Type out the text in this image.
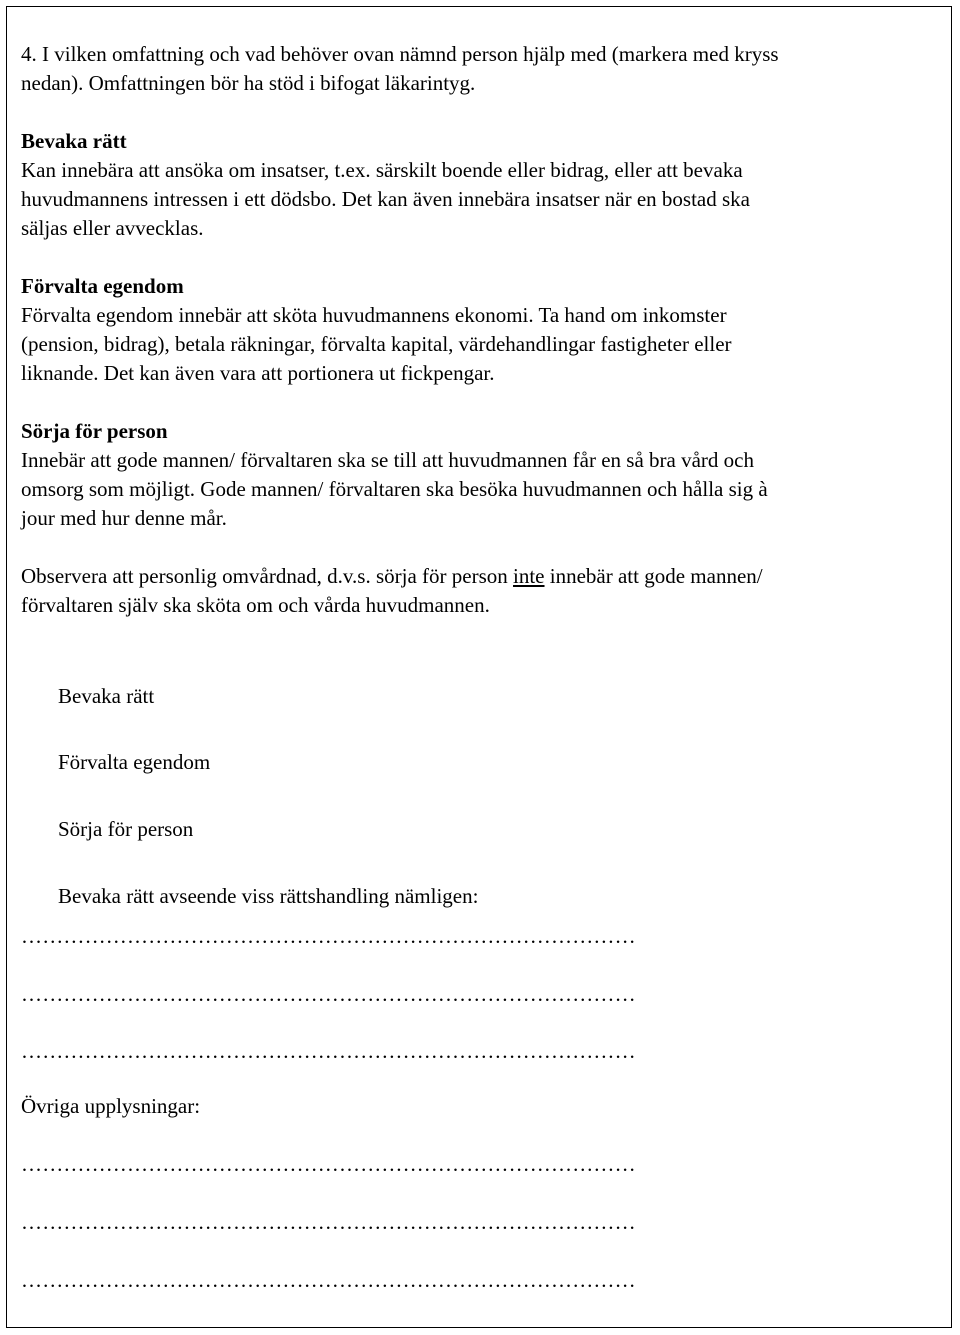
4. I vilken omfattning och vad behöver ovan nämnd person hjälp med (markera med kryss

nedan). Omfattningen bör ha stöd i bifogat läkarintyg.

Bevaka rätt

Kan innebära att ansöka om insatser, t.ex. särskilt boende eller bidrag, eller att bevaka

huvudmannens intressen i ett dödsbo. Det kan även innebära insatser när en bostad ska

säljas eller avvecklas.

Förvalta egendom

Förvalta egendom innebär att sköta huvudmannens ekonomi. Ta hand om inkomster

(pension, bidrag), betala räkningar, förvalta kapital, värdehandlingar fastigheter eller

liknande. Det kan även vara att portionera ut fickpengar.

Sörja för person

Innebär att gode mannen/ förvaltaren ska se till att huvudmannen får en så bra vård och

omsorg som möjligt. Gode mannen/ förvaltaren ska besöka huvudmannen och hålla sig à

jour med hur denne mår.

Observera att personlig omvårdnad, d.v.s. sörja för person inte innebär att gode mannen/

förvaltaren själv ska sköta om och vårda huvudmannen.

Bevaka rätt

Förvalta egendom

Sörja för person

Bevaka rätt avseende viss rättshandling nämligen:

……………………………………………………………………………

……………………………………………………………………………

……………………………………………………………………………

Övriga upplysningar:

……………………………………………………………………………

……………………………………………………………………………

……………………………………………………………………………
